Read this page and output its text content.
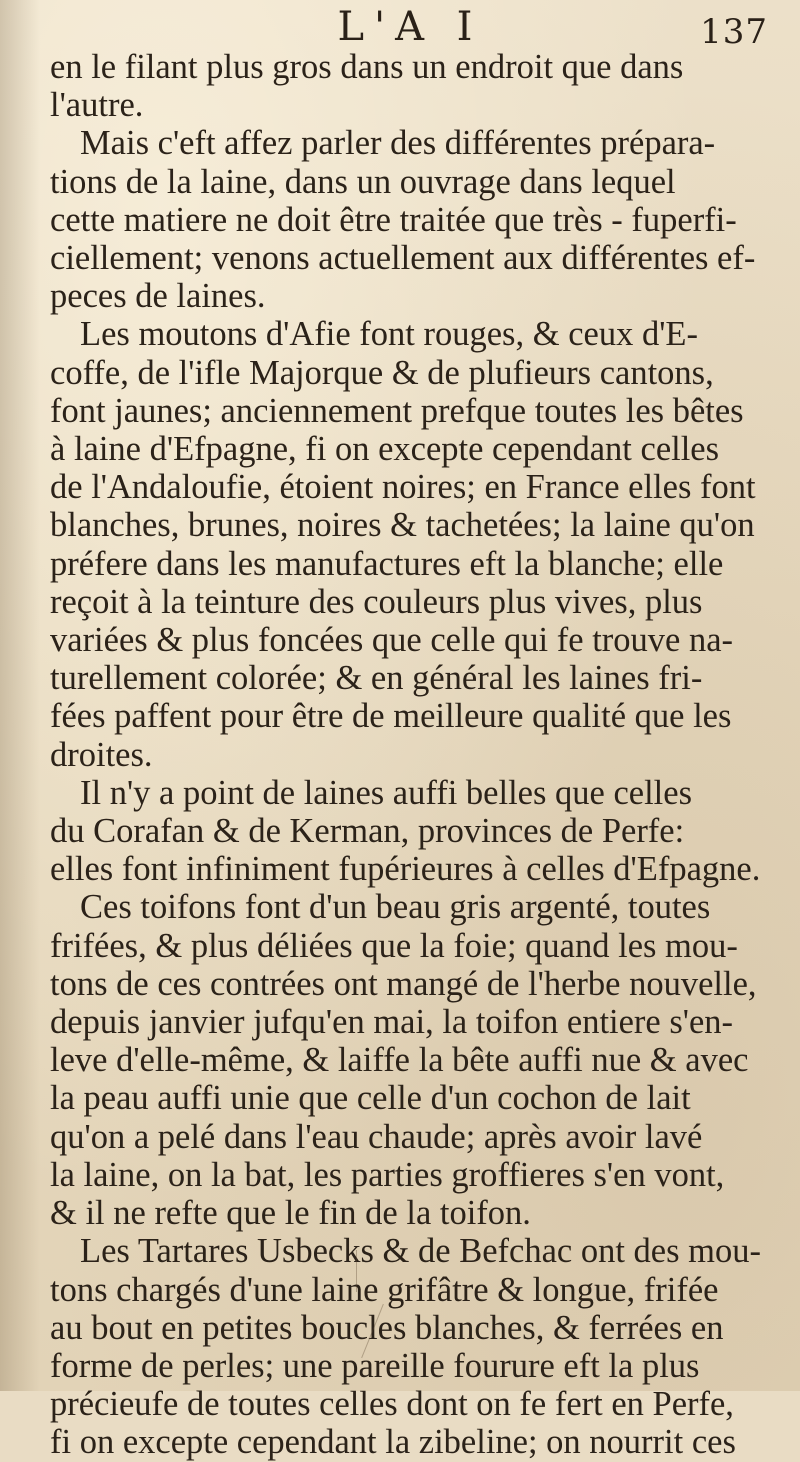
L'A I	137
en le filant plus gros dans un endroit que dans
l'autre.
Mais c'eft affez parler des différentes prépara-
tions de la laine, dans un ouvrage dans lequel
cette matiere ne doit être traitée que très - fuperfi-
ciellement; venons actuellement aux différentes ef-
peces de laines.
Les moutons d'Afie font rouges, & ceux d'E-
coffe, de l'ifle Majorque & de plufieurs cantons,
font jaunes; anciennement prefque toutes les bêtes
à laine d'Efpagne, fi on excepte cependant celles
de l'Andaloufie, étoient noires; en France elles font
blanches, brunes, noires & tachetées; la laine qu'on
préfere dans les manufactures eft la blanche; elle
reçoit à la teinture des couleurs plus vives, plus
variées & plus foncées que celle qui fe trouve na-
turellement colorée; & en général les laines fri-
fées paffent pour être de meilleure qualité que les
droites.
Il n'y a point de laines auffi belles que celles
du Corafan & de Kerman, provinces de Perfe:
elles font infiniment fupérieures à celles d'Efpagne.
Ces toifons font d'un beau gris argenté, toutes
frifées, & plus déliées que la foie; quand les mou-
tons de ces contrées ont mangé de l'herbe nouvelle,
depuis janvier jufqu'en mai, la toifon entiere s'en-
leve d'elle-même, & laiffe la bête auffi nue & avec
la peau auffi unie que celle d'un cochon de lait
qu'on a pelé dans l'eau chaude; après avoir lavé
la laine, on la bat, les parties groffieres s'en vont,
& il ne refte que le fin de la toifon.
Les Tartares Usbecks & de Befchac ont des mou-
tons chargés d'une laine grifâtre & longue, frifée
au bout en petites boucles blanches, & ferrées en
forme de perles; une pareille fourure eft la plus
précieufe de toutes celles dont on fe fert en Perfe,
fi on excepte cependant la zibeline; on nourrit ces
